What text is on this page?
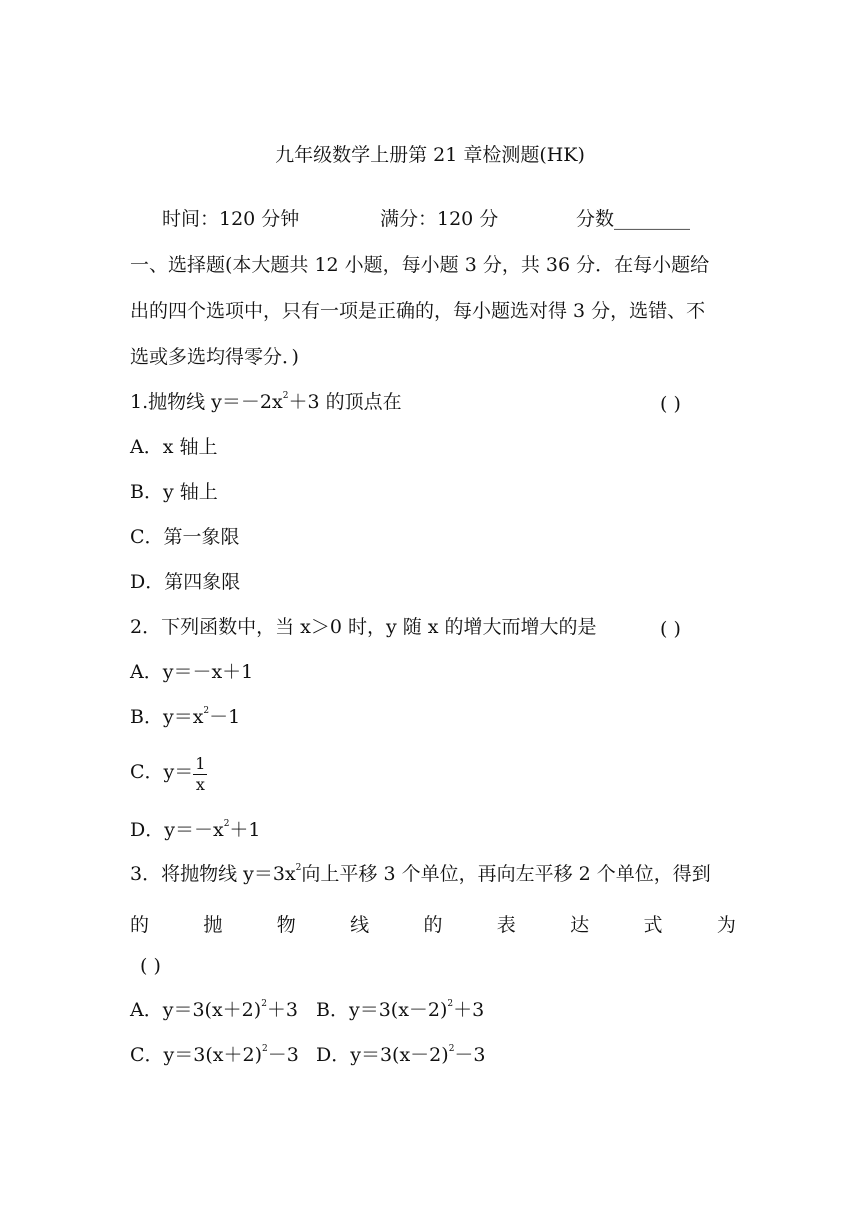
九年级数学上册第 21 章检测题(HK)
时间：120 分钟	满分：120 分	分数________
一、选择题(本大题共 12 小题，每小题 3 分，共 36 分．在每小题给
出的四个选项中，只有一项是正确的，每小题选对得 3 分，选错、不
选或多选均得零分．)
1.抛物线 $y=-2x^2+3$ 的顶点在	( )
A．x 轴上
B．y 轴上
C．第一象限
D．第四象限
2．下列函数中，当 x＞0 时，y 随 x 的增大而增大的是	( )
A．y＝－x＋1
B．$y=x^2-1$
C．$y= \frac{1}{x}$
D．$y=-x^2+1$
3．将抛物线 $y=3x^2$向上平移 3 个单位，再向左平移 2 个单位，得到
的	抛	物	线	的	表	达	式	为
( )
A．$y=3(x+2)^2+3$ B．$y=3(x-2)^2+3$
C．$y=3(x+2)^2-3$ D．$y=3(x-2)^2-3$
